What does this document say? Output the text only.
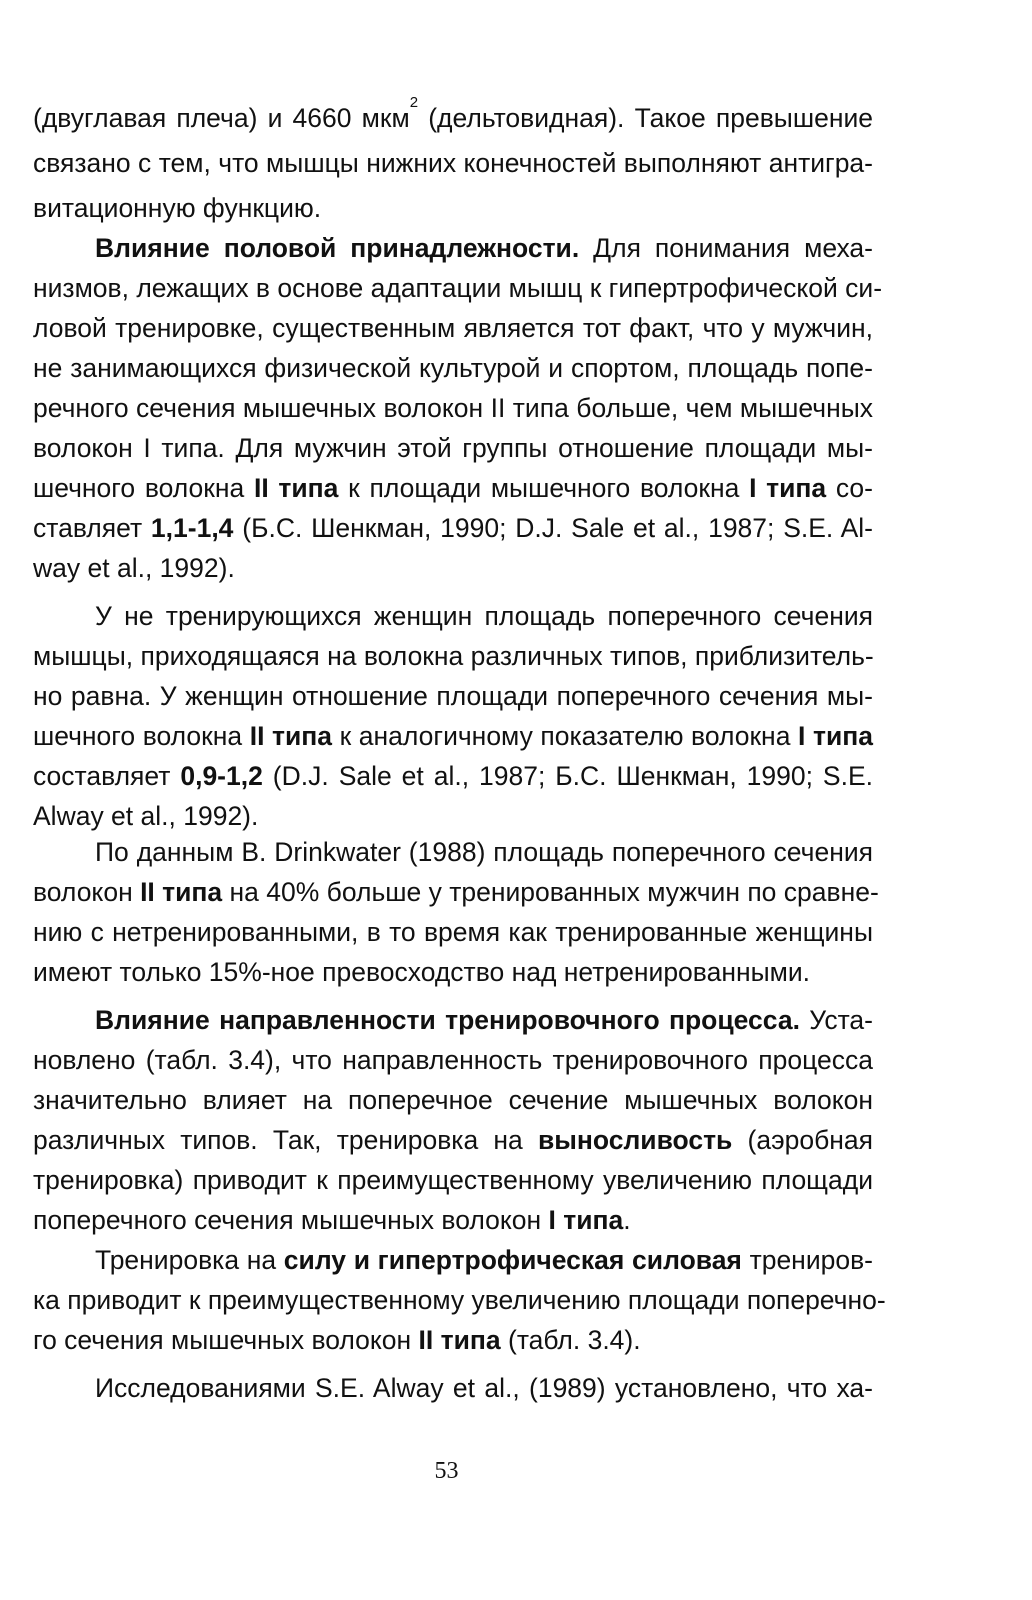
(двуглавая плеча) и 4660 мкм$^2$ (дельтовидная). Такое превышение
связано с тем, что мышцы нижних конечностей выполняют антигра-
витационную функцию.
Влияние половой принадлежности. Для понимания меха-
низмов, лежащих в основе адаптации мышц к гипертрофической си-
ловой тренировке, существенным является тот факт, что у мужчин,
не занимающихся физической культурой и спортом, площадь попе-
речного сечения мышечных волокон II типа больше, чем мышечных
волокон I типа. Для мужчин этой группы отношение площади мы-
шечного волокна II типа к площади мышечного волокна I типа со-
ставляет 1,1-1,4 (Б.С. Шенкман, 1990; D.J. Sale et al., 1987; S.E. Al-
way et al., 1992).
У не тренирующихся женщин площадь поперечного сечения
мышцы, приходящаяся на волокна различных типов, приблизитель-
но равна. У женщин отношение площади поперечного сечения мы-
шечного волокна II типа к аналогичному показателю волокна I типа
составляет 0,9-1,2 (D.J. Sale et al., 1987; Б.С. Шенкман, 1990; S.E.
Alway et al., 1992).
По данным B. Drinkwater (1988) площадь поперечного сечения
волокон II типа на 40% больше у тренированных мужчин по сравне-
нию с нетренированными, в то время как тренированные женщины
имеют только 15%-ное превосходство над нетренированными.
Влияние направленности тренировочного процесса. Уста-
новлено (табл. 3.4), что направленность тренировочного процесса
значительно влияет на поперечное сечение мышечных волокон
различных типов. Так, тренировка на выносливость (аэробная
тренировка) приводит к преимущественному увеличению площади
поперечного сечения мышечных волокон I типа.
Тренировка на силу и гипертрофическая силовая трениров-
ка приводит к преимущественному увеличению площади поперечно-
го сечения мышечных волокон II типа (табл. 3.4).
Исследованиями S.E. Alway et al., (1989) установлено, что ха-
53
